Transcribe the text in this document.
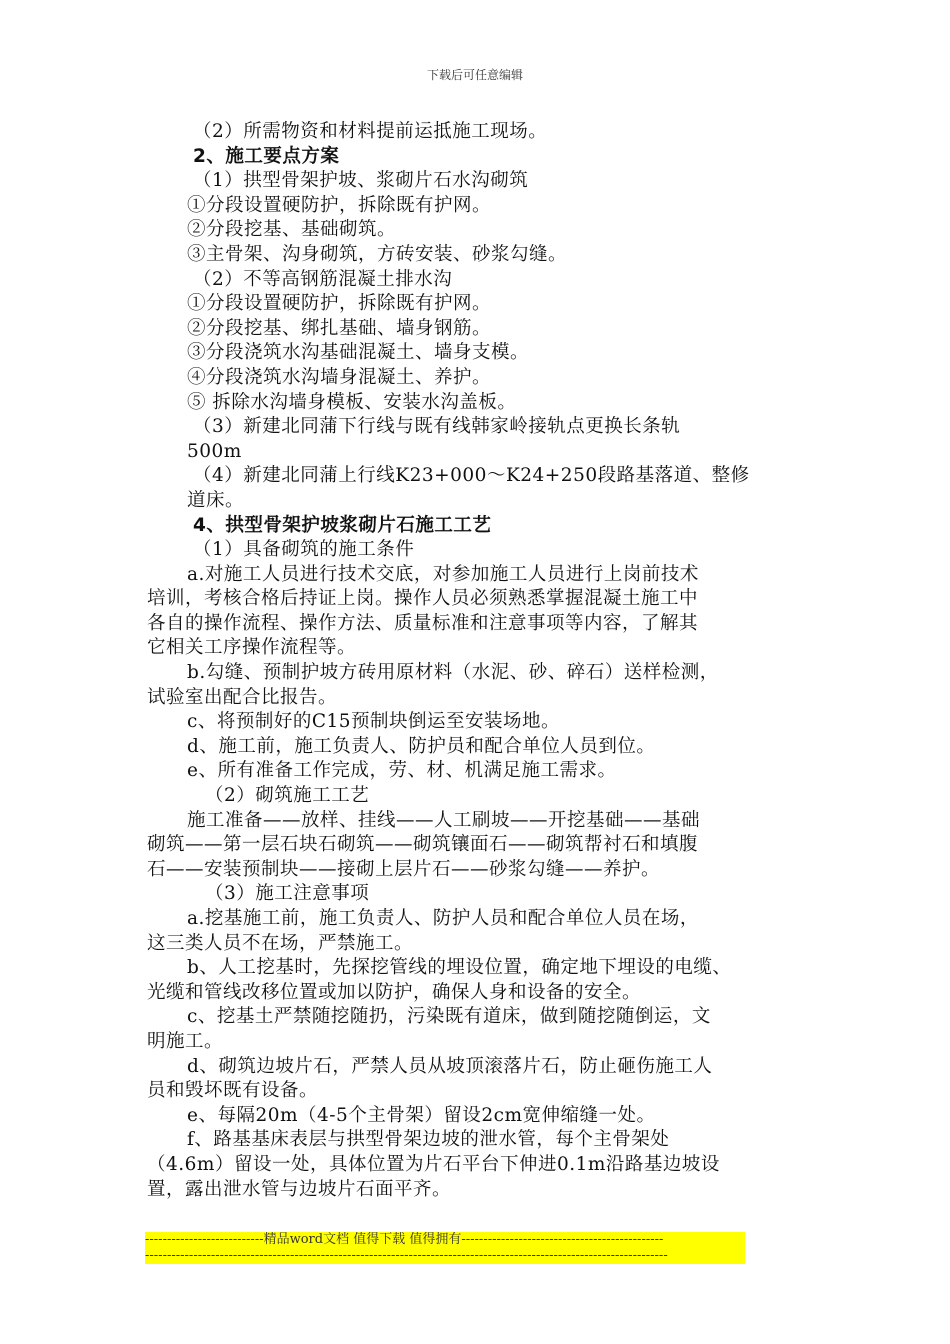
下载后可任意编辑
（2）所需物资和材料提前运抵施工现场。
2、施工要点方案
（1）拱型骨架护坡、浆砌片石水沟砌筑
①分段设置硬防护，拆除既有护网。
②分段挖基、基础砌筑。
③主骨架、沟身砌筑，方砖安装、砂浆勾缝。
（2）不等高钢筋混凝土排水沟
①分段设置硬防护，拆除既有护网。
②分段挖基、绑扎基础、墙身钢筋。
③分段浇筑水沟基础混凝土、墙身支模。
④分段浇筑水沟墙身混凝土、养护。
⑤ 拆除水沟墙身模板、安装水沟盖板。
（3）新建北同蒲下行线与既有线韩家岭接轨点更换长条轨
500m
（4）新建北同蒲上行线K23+000～K24+250段路基落道、整修
道床。
4、拱型骨架护坡浆砌片石施工工艺
（1）具备砌筑的施工条件
a.对施工人员进行技术交底，对参加施工人员进行上岗前技术
培训，考核合格后持证上岗。操作人员必须熟悉掌握混凝土施工中
各自的操作流程、操作方法、质量标准和注意事项等内容，了解其
它相关工序操作流程等。
b.勾缝、预制护坡方砖用原材料（水泥、砂、碎石）送样检测，
试验室出配合比报告。
c、将预制好的C15预制块倒运至安装场地。
d、施工前，施工负责人、防护员和配合单位人员到位。
e、所有准备工作完成，劳、材、机满足施工需求。
（2）砌筑施工工艺
施工准备——放样、挂线——人工刷坡——开挖基础——基础
砌筑——第一层石块石砌筑——砌筑镶面石——砌筑帮衬石和填腹
石——安装预制块——接砌上层片石——砂浆勾缝——养护。
（3）施工注意事项
a.挖基施工前，施工负责人、防护人员和配合单位人员在场，
这三类人员不在场，严禁施工。
b、人工挖基时，先探挖管线的埋设位置，确定地下埋设的电缆、
光缆和管线改移位置或加以防护，确保人身和设备的安全。
c、挖基土严禁随挖随扔，污染既有道床，做到随挖随倒运，文
明施工。
d、砌筑边坡片石，严禁人员从坡顶滚落片石，防止砸伤施工人
员和毁坏既有设备。
e、每隔20m（4-5个主骨架）留设2cm宽伸缩缝一处。
f、路基基床表层与拱型骨架边坡的泄水管，每个主骨架处
（4.6m）留设一处，具体位置为片石平台下伸进0.1m沿路基边坡设
置，露出泄水管与边坡片石面平齐。
---------------------------精品word文档 值得下载 值得拥有----------------------------------------------
-----------------------------------------------------------------------------------------------------------------------
